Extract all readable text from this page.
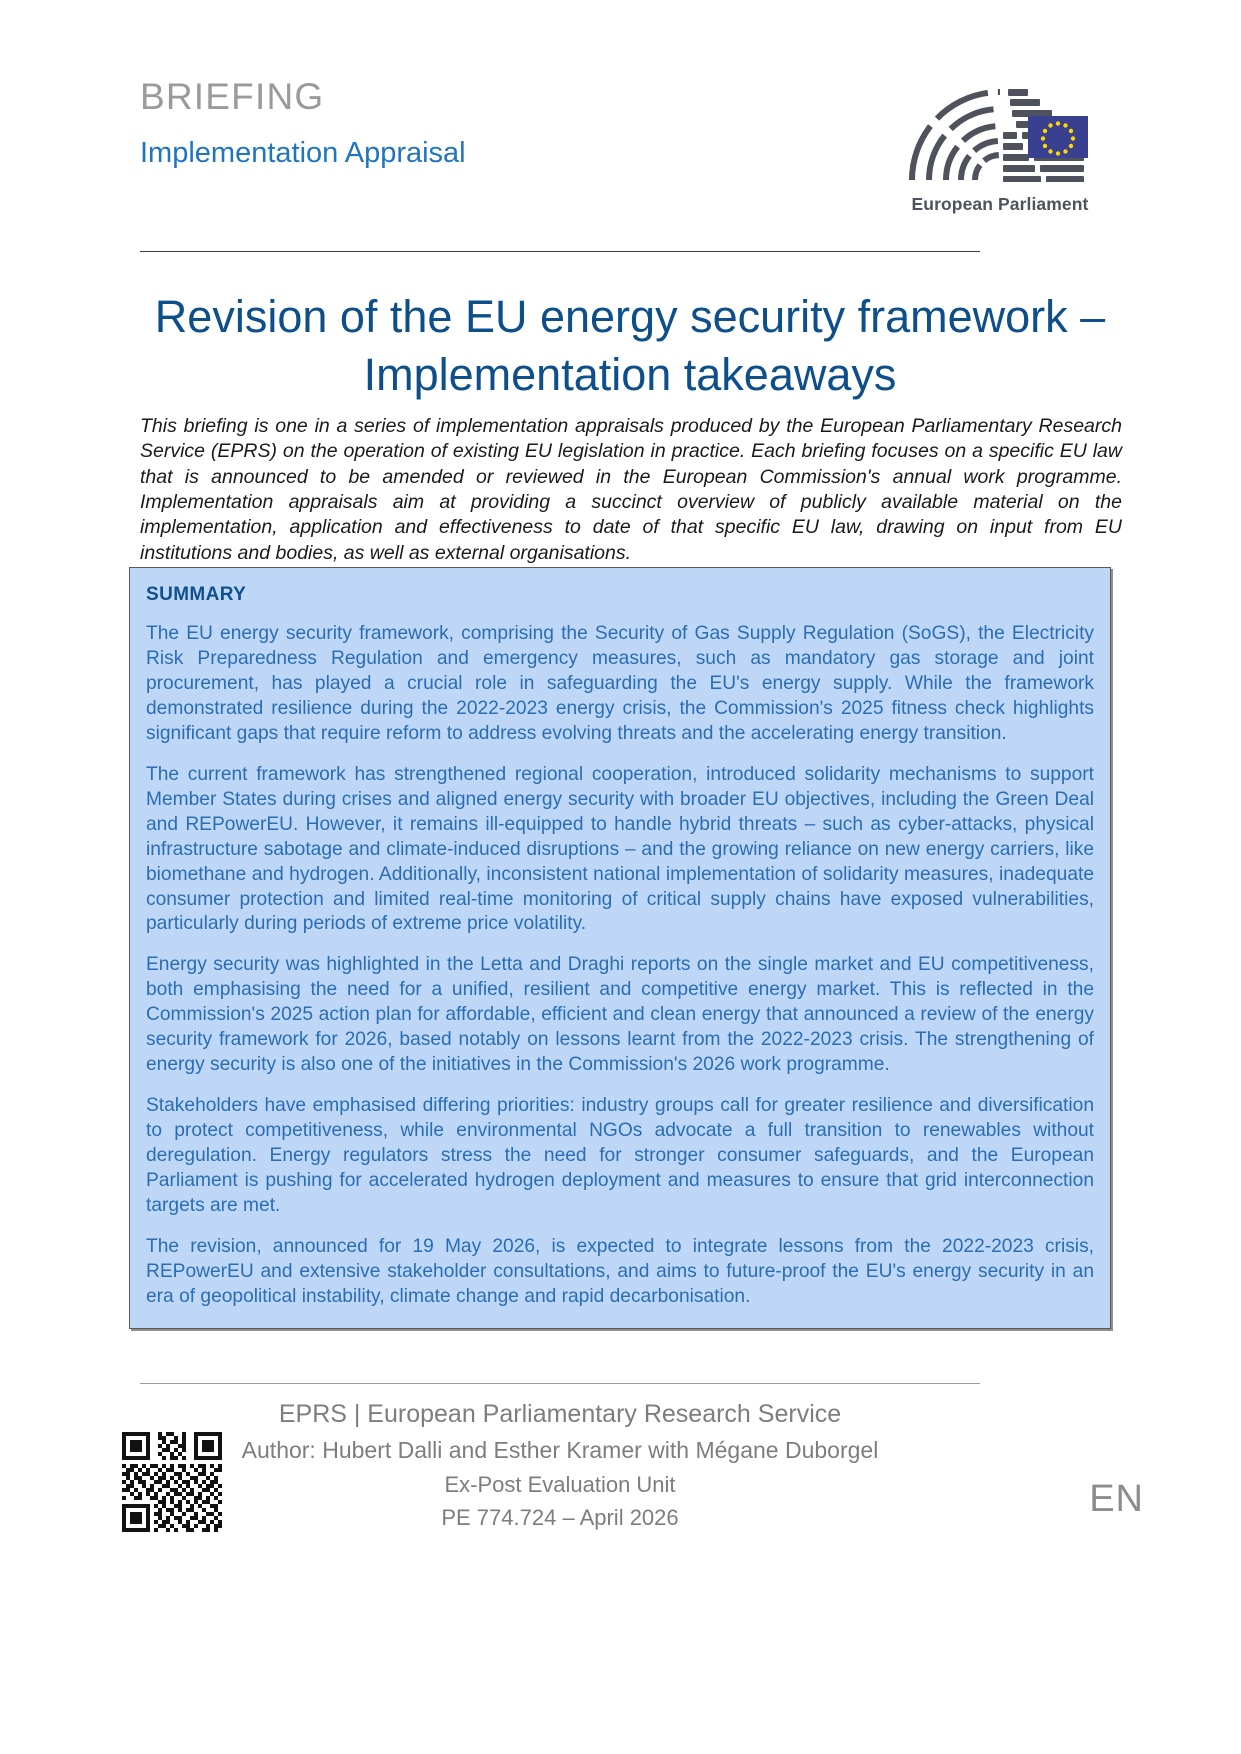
BRIEFING
Implementation Appraisal
European Parliament
Revision of the EU energy security framework – Implementation takeaways
This briefing is one in a series of implementation appraisals produced by the European Parliamentary Research Service (EPRS) on the operation of existing EU legislation in practice. Each briefing focuses on a specific EU law that is announced to be amended or reviewed in the European Commission's annual work programme. Implementation appraisals aim at providing a succinct overview of publicly available material on the implementation, application and effectiveness to date of that specific EU law, drawing on input from EU institutions and bodies, as well as external organisations.
SUMMARY

The EU energy security framework, comprising the Security of Gas Supply Regulation (SoGS), the Electricity Risk Preparedness Regulation and emergency measures, such as mandatory gas storage and joint procurement, has played a crucial role in safeguarding the EU's energy supply. While the framework demonstrated resilience during the 2022-2023 energy crisis, the Commission's 2025 fitness check highlights significant gaps that require reform to address evolving threats and the accelerating energy transition.

The current framework has strengthened regional cooperation, introduced solidarity mechanisms to support Member States during crises and aligned energy security with broader EU objectives, including the Green Deal and REPowerEU. However, it remains ill-equipped to handle hybrid threats – such as cyber-attacks, physical infrastructure sabotage and climate-induced disruptions – and the growing reliance on new energy carriers, like biomethane and hydrogen. Additionally, inconsistent national implementation of solidarity measures, inadequate consumer protection and limited real-time monitoring of critical supply chains have exposed vulnerabilities, particularly during periods of extreme price volatility.

Energy security was highlighted in the Letta and Draghi reports on the single market and EU competitiveness, both emphasising the need for a unified, resilient and competitive energy market. This is reflected in the Commission's 2025 action plan for affordable, efficient and clean energy that announced a review of the energy security framework for 2026, based notably on lessons learnt from the 2022-2023 crisis. The strengthening of energy security is also one of the initiatives in the Commission's 2026 work programme.

Stakeholders have emphasised differing priorities: industry groups call for greater resilience and diversification to protect competitiveness, while environmental NGOs advocate a full transition to renewables without deregulation. Energy regulators stress the need for stronger consumer safeguards, and the European Parliament is pushing for accelerated hydrogen deployment and measures to ensure that grid interconnection targets are met.

The revision, announced for 19 May 2026, is expected to integrate lessons from the 2022-2023 crisis, REPowerEU and extensive stakeholder consultations, and aims to future-proof the EU's energy security in an era of geopolitical instability, climate change and rapid decarbonisation.

EPRS | European Parliamentary Research Service
Author: Hubert Dalli and Esther Kramer with Mégane Duborgel
Ex-Post Evaluation Unit
PE 774.724 – April 2026	EN
